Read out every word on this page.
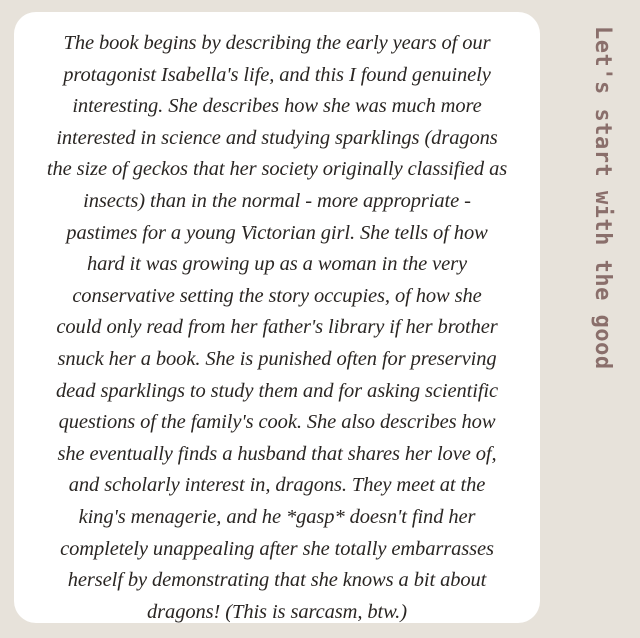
The book begins by describing the early years of our
protagonist Isabella's life, and this I found genuinely
interesting. She describes how she was much more
interested in science and studying sparklings (dragons
the size of geckos that her society originally classified as
insects) than in the normal - more appropriate -
pastimes for a young Victorian girl. She tells of how
hard it was growing up as a woman in the very
conservative setting the story occupies, of how she
could only read from her father's library if her brother
snuck her a book. She is punished often for preserving
dead sparklings to study them and for asking scientific
questions of the family's cook. She also describes how
she eventually finds a husband that shares her love of,
and scholarly interest in, dragons. They meet at the
king's menagerie, and he *gasp* doesn't find her
completely unappealing after she totally embarrasses
herself by demonstrating that she knows a bit about
dragons! (This is sarcasm, btw.)

Let's start with the good
